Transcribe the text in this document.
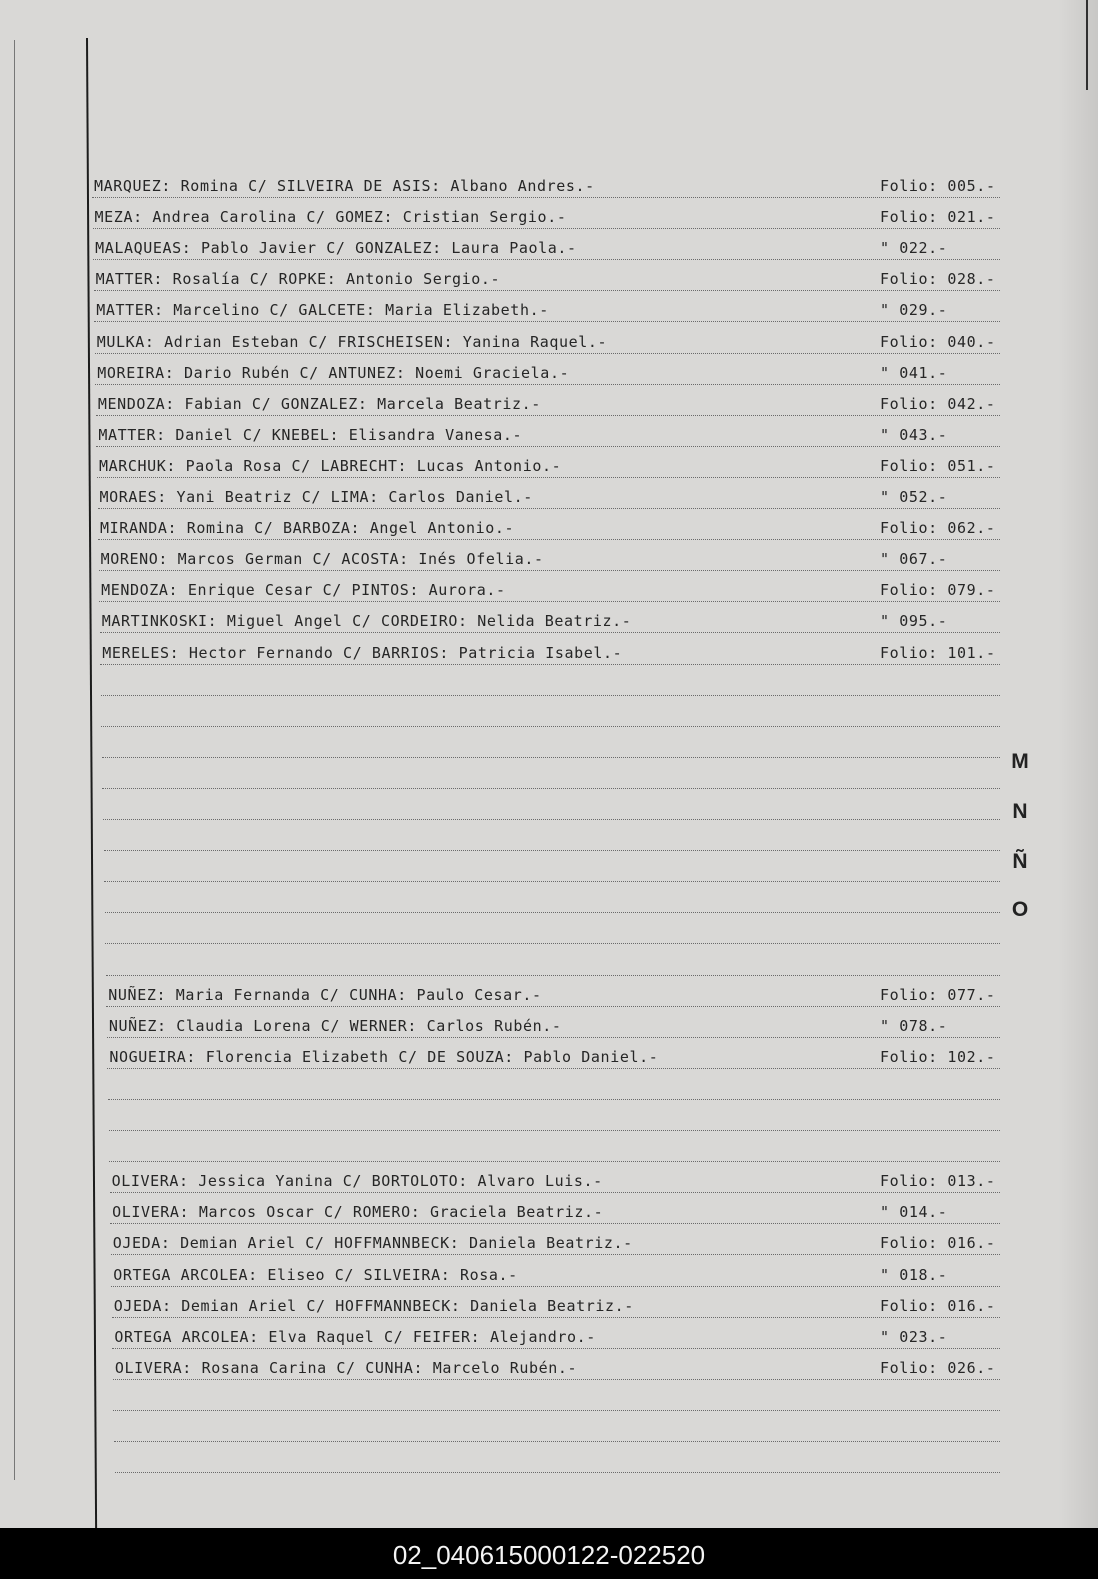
MARQUEZ: Romina C/ SILVEIRA DE ASIS: Albano Andres.-	Folio: 005.-
MEZA: Andrea Carolina C/ GOMEZ: Cristian Sergio.-	Folio: 021.-
MALAQUEAS: Pablo Javier C/ GONZALEZ: Laura Paola.-	" 022.-
MATTER: Rosalía C/ ROPKE: Antonio Sergio.-	Folio: 028.-
MATTER: Marcelino C/ GALCETE: Maria Elizabeth.-	" 029.-
MULKA: Adrian Esteban C/ FRISCHEISEN: Yanina Raquel.-	Folio: 040.-
MOREIRA: Dario Rubén C/ ANTUNEZ: Noemi Graciela.-	" 041.-
MENDOZA: Fabian C/ GONZALEZ: Marcela Beatriz.-	Folio: 042.-
MATTER: Daniel C/ KNEBEL: Elisandra Vanesa.-	" 043.-
MARCHUK: Paola Rosa C/ LABRECHT: Lucas Antonio.-	Folio: 051.-
MORAES: Yani Beatriz C/ LIMA: Carlos Daniel.-	" 052.-
MIRANDA: Romina C/ BARBOZA: Angel Antonio.-	Folio: 062.-
MORENO: Marcos German C/ ACOSTA: Inés Ofelia.-	" 067.-
MENDOZA: Enrique Cesar C/ PINTOS: Aurora.-	Folio: 079.-
MARTINKOSKI: Miguel Angel C/ CORDEIRO: Nelida Beatriz.-	" 095.-
MERELES: Hector Fernando C/ BARRIOS: Patricia Isabel.-	Folio: 101.-
NUÑEZ: Maria Fernanda C/ CUNHA: Paulo Cesar.-	Folio: 077.-
NUÑEZ: Claudia Lorena C/ WERNER: Carlos Rubén.-	" 078.-
NOGUEIRA: Florencia Elizabeth C/ DE SOUZA: Pablo Daniel.-	Folio: 102.-
OLIVERA: Jessica Yanina C/ BORTOLOTO: Alvaro Luis.-	Folio: 013.-
OLIVERA: Marcos Oscar C/ ROMERO: Graciela Beatriz.-	" 014.-
OJEDA: Demian Ariel C/ HOFFMANNBECK: Daniela Beatriz.-	Folio: 016.-
ORTEGA ARCOLEA: Eliseo C/ SILVEIRA: Rosa.-	" 018.-
OJEDA: Demian Ariel C/ HOFFMANNBECK: Daniela Beatriz.-	Folio: 016.-
ORTEGA ARCOLEA: Elva Raquel C/ FEIFER: Alejandro.-	" 023.-
OLIVERA: Rosana Carina C/ CUNHA: Marcelo Rubén.-	Folio: 026.-
M
N
Ñ
O
02_040615000122-022520
